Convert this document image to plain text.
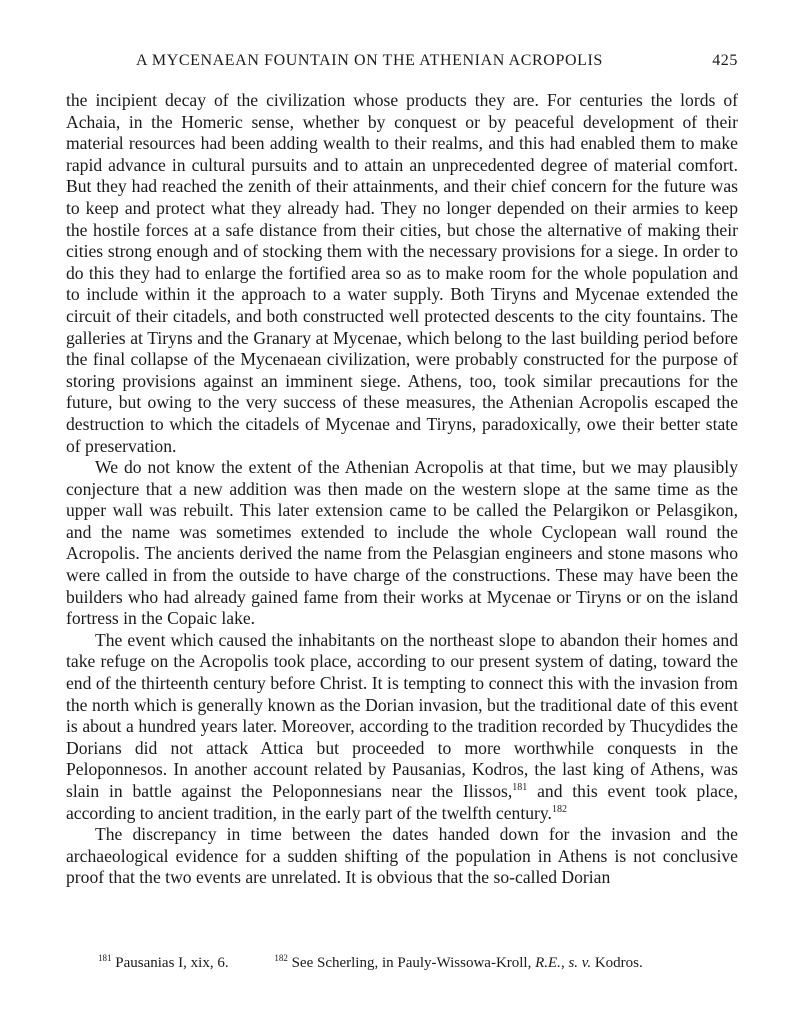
A MYCENAEAN FOUNTAIN ON THE ATHENIAN ACROPOLIS	425

the incipient decay of the civilization whose products they are. For centuries the lords of Achaia, in the Homeric sense, whether by conquest or by peaceful development of their material resources had been adding wealth to their realms, and this had enabled them to make rapid advance in cultural pursuits and to attain an unprecedented degree of material comfort. But they had reached the zenith of their attainments, and their chief concern for the future was to keep and protect what they already had. They no longer depended on their armies to keep the hostile forces at a safe distance from their cities, but chose the alternative of making their cities strong enough and of stocking them with the necessary provisions for a siege. In order to do this they had to enlarge the fortified area so as to make room for the whole population and to include within it the approach to a water supply. Both Tiryns and Mycenae extended the circuit of their citadels, and both constructed well protected descents to the city fountains. The galleries at Tiryns and the Granary at Mycenae, which belong to the last building period before the final collapse of the Mycenaean civilization, were probably constructed for the purpose of storing provisions against an imminent siege. Athens, too, took similar precautions for the future, but owing to the very success of these measures, the Athenian Acropolis escaped the destruction to which the citadels of Mycenae and Tiryns, paradoxically, owe their better state of preservation.

We do not know the extent of the Athenian Acropolis at that time, but we may plausibly conjecture that a new addition was then made on the western slope at the same time as the upper wall was rebuilt. This later extension came to be called the Pelargikon or Pelasgikon, and the name was sometimes extended to include the whole Cyclopean wall round the Acropolis. The ancients derived the name from the Pelasgian engineers and stone masons who were called in from the outside to have charge of the constructions. These may have been the builders who had already gained fame from their works at Mycenae or Tiryns or on the island fortress in the Copaic lake.

The event which caused the inhabitants on the northeast slope to abandon their homes and take refuge on the Acropolis took place, according to our present system of dating, toward the end of the thirteenth century before Christ. It is tempting to connect this with the invasion from the north which is generally known as the Dorian invasion, but the traditional date of this event is about a hundred years later. Moreover, according to the tradition recorded by Thucydides the Dorians did not attack Attica but proceeded to more worthwhile conquests in the Peloponnesos. In another account related by Pausanias, Kodros, the last king of Athens, was slain in battle against the Peloponnesians near the Ilissos,$^{181}$ and this event took place, according to ancient tradition, in the early part of the twelfth century.$^{182}$

The discrepancy in time between the dates handed down for the invasion and the archaeological evidence for a sudden shifting of the population in Athens is not conclusive proof that the two events are unrelated. It is obvious that the so-called Dorian

$^{181}$ Pausanias I, xix, 6.	$^{182}$ See Scherling, in Pauly-Wissowa-Kroll, R.E., s. v. Kodros.
